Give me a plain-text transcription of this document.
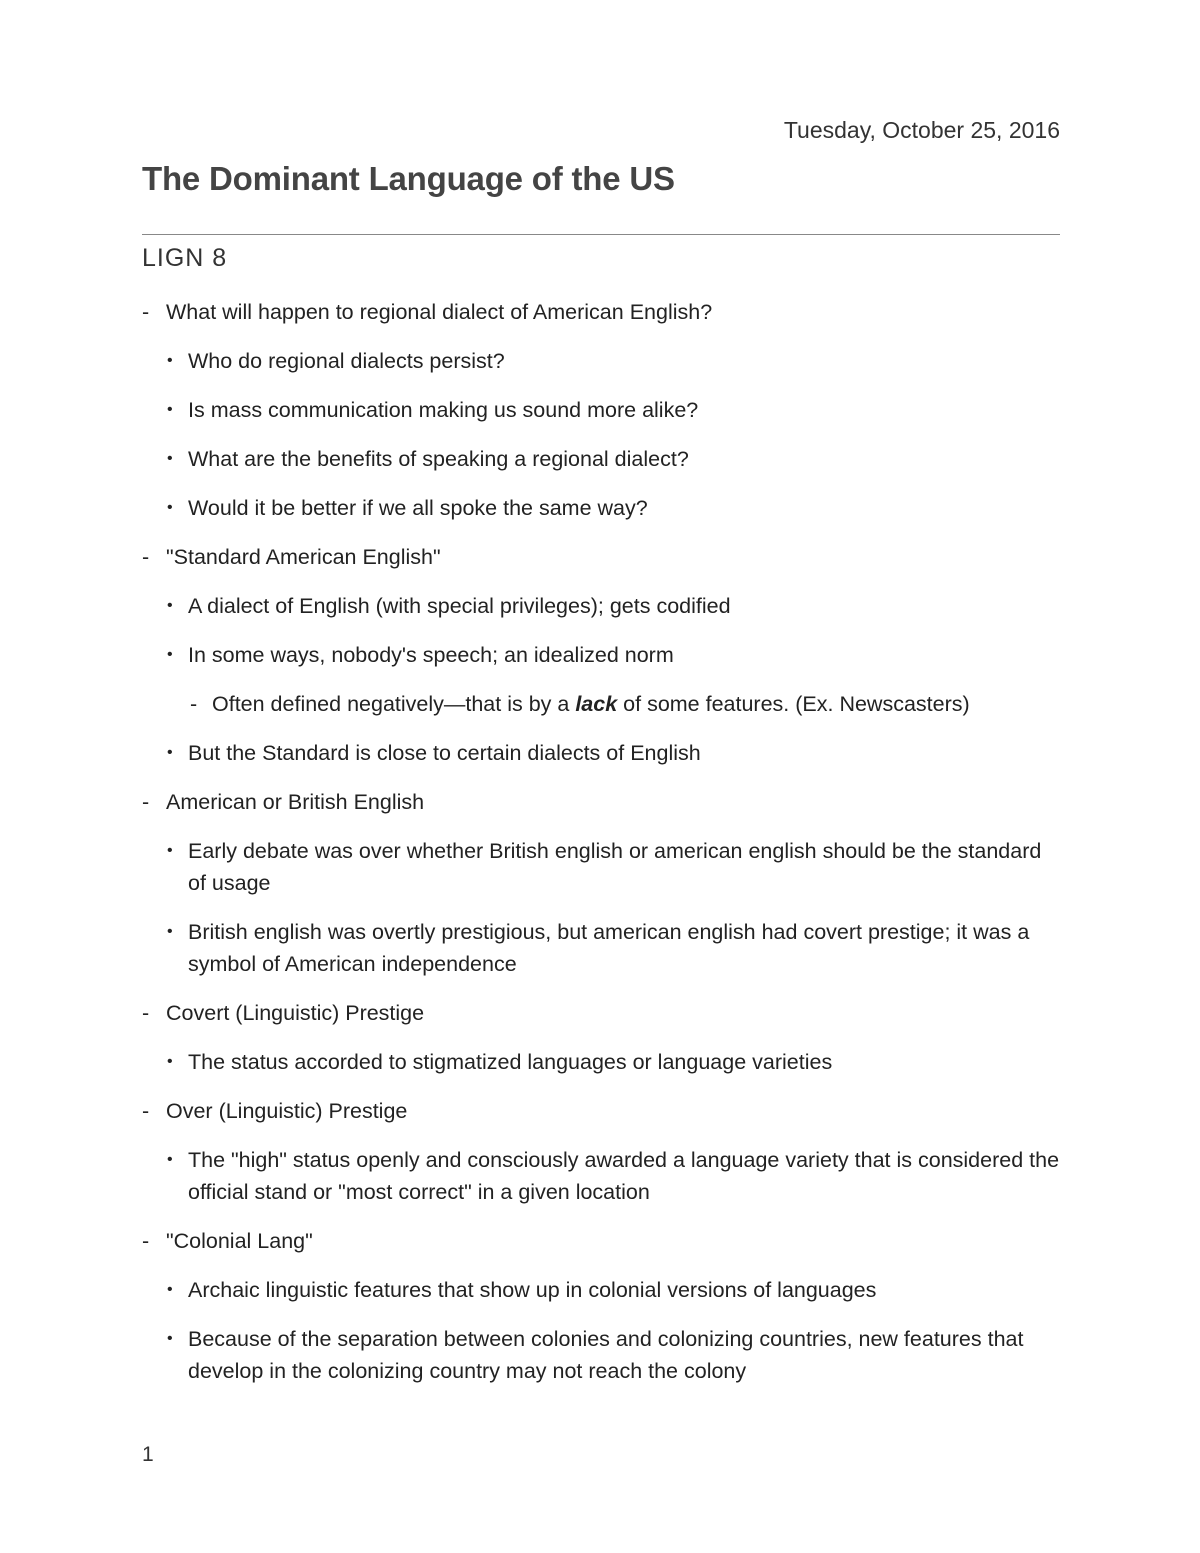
Tuesday, October 25, 2016
The Dominant Language of the US
LIGN 8
- What will happen to regional dialect of American English?
• Who do regional dialects persist?
• Is mass communication making us sound more alike?
• What are the benefits of speaking a regional dialect?
• Would it be better if we all spoke the same way?
- "Standard American English"
• A dialect of English (with special privileges); gets codified
• In some ways, nobody's speech; an idealized norm
- Often defined negatively—that is by a lack of some features. (Ex. Newscasters)
• But the Standard is close to certain dialects of English
- American or British English
• Early debate was over whether British english or american english should be the standard of usage
• British english was overtly prestigious, but american english had covert prestige; it was a symbol of American independence
- Covert (Linguistic) Prestige
• The status accorded to stigmatized languages or language varieties
- Over (Linguistic) Prestige
• The "high" status openly and consciously awarded a language variety that is considered the official stand or "most correct" in a given location
- "Colonial Lang"
• Archaic linguistic features that show up in colonial versions of languages
• Because of the separation between colonies and colonizing countries, new features that develop in the colonizing country may not reach the colony
1
